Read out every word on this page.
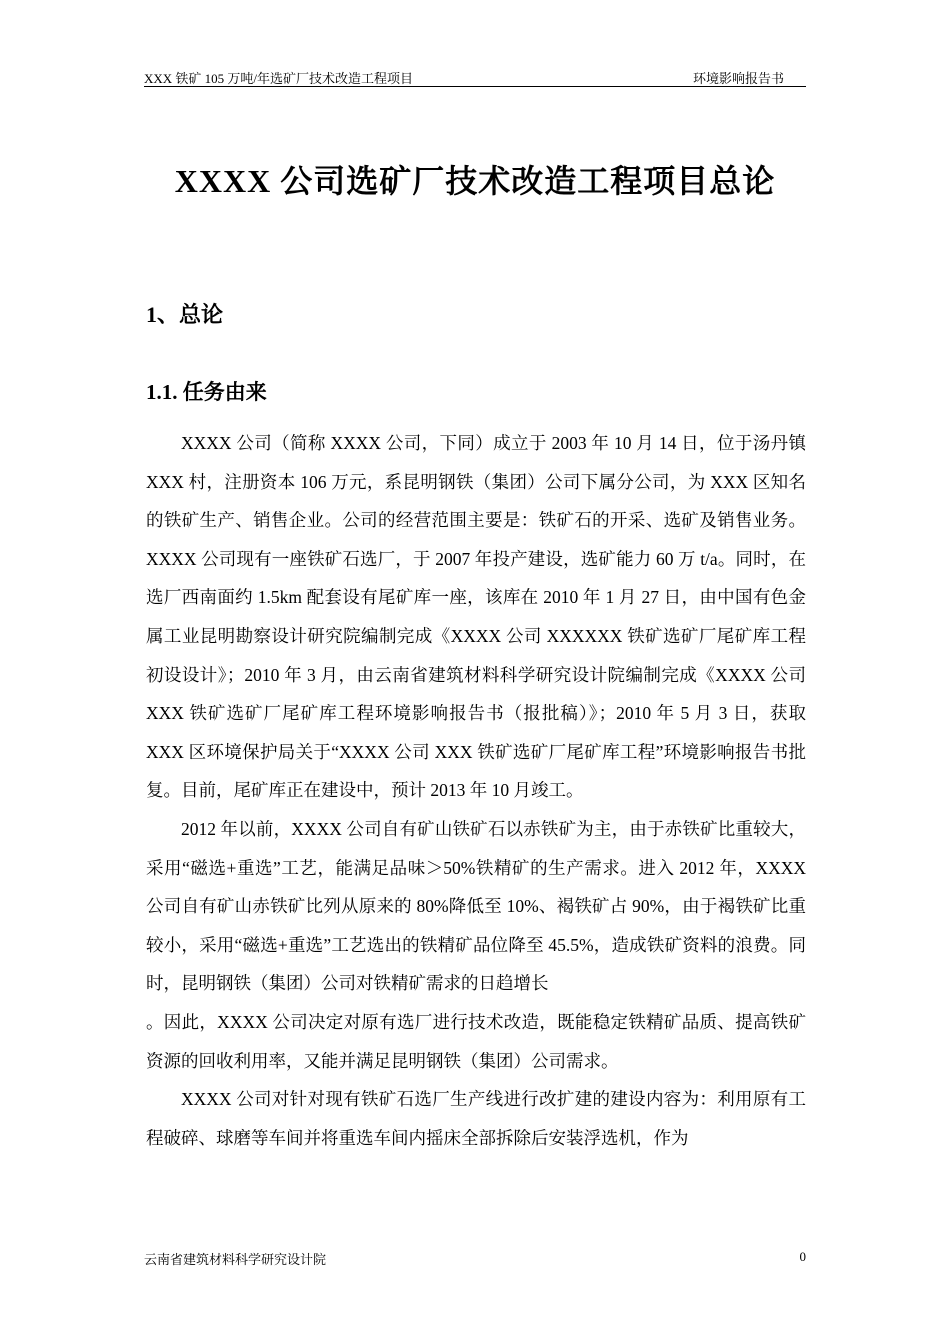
XXX 铁矿 105 万吨/年选矿厂技术改造工程项目	环境影响报告书
XXXX 公司选矿厂技术改造工程项目总论
1、总论
1.1. 任务由来

XXXX 公司（简称 XXXX 公司，下同）成立于 2003 年 10 月 14 日，位于汤丹镇 XXX 村，注册资本 106 万元，系昆明钢铁（集团）公司下属分公司，为 XXX 区知名的铁矿生产、销售企业。公司的经营范围主要是：铁矿石的开采、选矿及销售业务。XXXX 公司现有一座铁矿石选厂，于 2007 年投产建设，选矿能力 60 万 t/a。同时，在选厂西南面约 1.5km 配套设有尾矿库一座，该库在 2010 年 1 月 27 日，由中国有色金属工业昆明勘察设计研究院编制完成《XXXX 公司 XXXXXX 铁矿选矿厂尾矿库工程初设设计》；2010 年 3 月，由云南省建筑材料科学研究设计院编制完成《XXXX 公司 XXX 铁矿选矿厂尾矿库工程环境影响报告书（报批稿）》；2010 年 5 月 3 日，获取 XXX 区环境保护局关于“XXXX 公司 XXX 铁矿选矿厂尾矿库工程”环境影响报告书批复。目前，尾矿库正在建设中，预计 2013 年 10 月竣工。

2012 年以前，XXXX 公司自有矿山铁矿石以赤铁矿为主，由于赤铁矿比重较大，采用“磁选+重选”工艺，能满足品味＞50%铁精矿的生产需求。进入 2012 年，XXXX 公司自有矿山赤铁矿比列从原来的 80%降低至 10%、褐铁矿占 90%，由于褐铁矿比重较小，采用“磁选+重选”工艺选出的铁精矿品位降至 45.5%，造成铁矿资料的浪费。同时，昆明钢铁（集团）公司对铁精矿需求的日趋增长

。因此，XXXX 公司决定对原有选厂进行技术改造，既能稳定铁精矿品质、提高铁矿资源的回收利用率，又能并满足昆明钢铁（集团）公司需求。

XXXX 公司对针对现有铁矿石选厂生产线进行改扩建的建设内容为：利用原有工程破碎、球磨等车间并将重选车间内摇床全部拆除后安装浮选机，作为

云南省建筑材料科学研究设计院	0
